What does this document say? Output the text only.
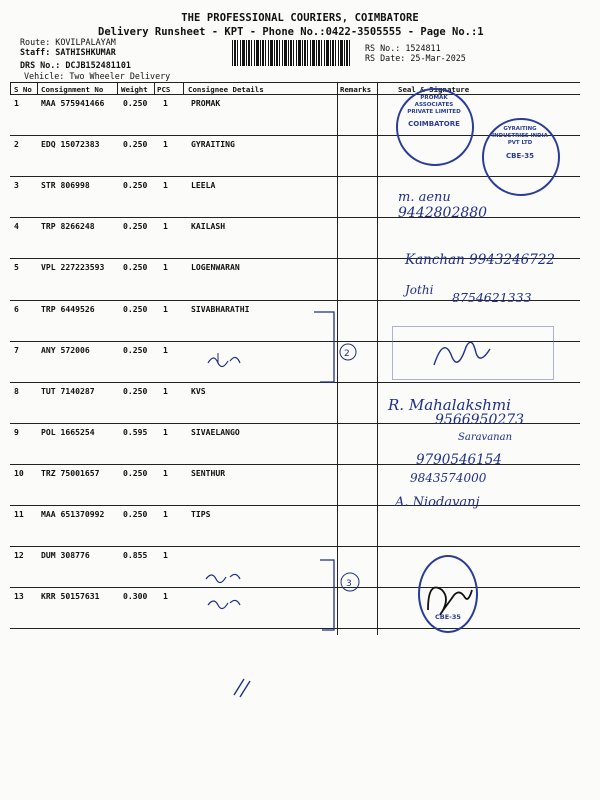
THE PROFESSIONAL COURIERS, COIMBATORE
Delivery Runsheet - KPT - Phone No.:0422-3505555 - Page No.:1
Route: KOVILPALAYAM
Staff: SATHISHKUMAR
DRS No.: DCJB152481101
Vehicle: Two Wheeler Delivery
RS No.: 1524811
RS Date: 25-Mar-2025
S No Consignment No Weight PCS Consignee Details	Remarks	Seal & Signature
1	MAA 575941466 0.250 1	PROMAK
2	EDQ 15072383	0.250 1	GYRAITING
3	STR 806998	0.250 1	LEELA
4	TRP 8266248	0.250 1	KAILASH
5	VPL 227223593 0.250 1	LOGENWARAN
6	TRP 6449526	0.250 1	SIVABHARATHI
7	ANY 572006	0.250 1
8	TUT 7140287	0.250 1	KVS
9	POL 1665254	0.595 1	SIVAELANGO
10 TRZ 75001657	0.250 1	SENTHUR
11 MAA 651370992 0.250 1	TIPS
12 DUM 308776	0.855 1
13 KRR 50157631	0.300 1
2
3
PROMAK ASSOCIATES PRIVATE LIMITED
COIMBATORE
GYRAITING INDUSTRIES INDIA PVT LTD
CBE-35
CBE-35
m. aenu
9442802880
Kanchan 9943246722
Jothi 8754621333
R. Mahalakshmi
9566950273
Saravanan
9790546154
9843574000
A. Niodavanj
